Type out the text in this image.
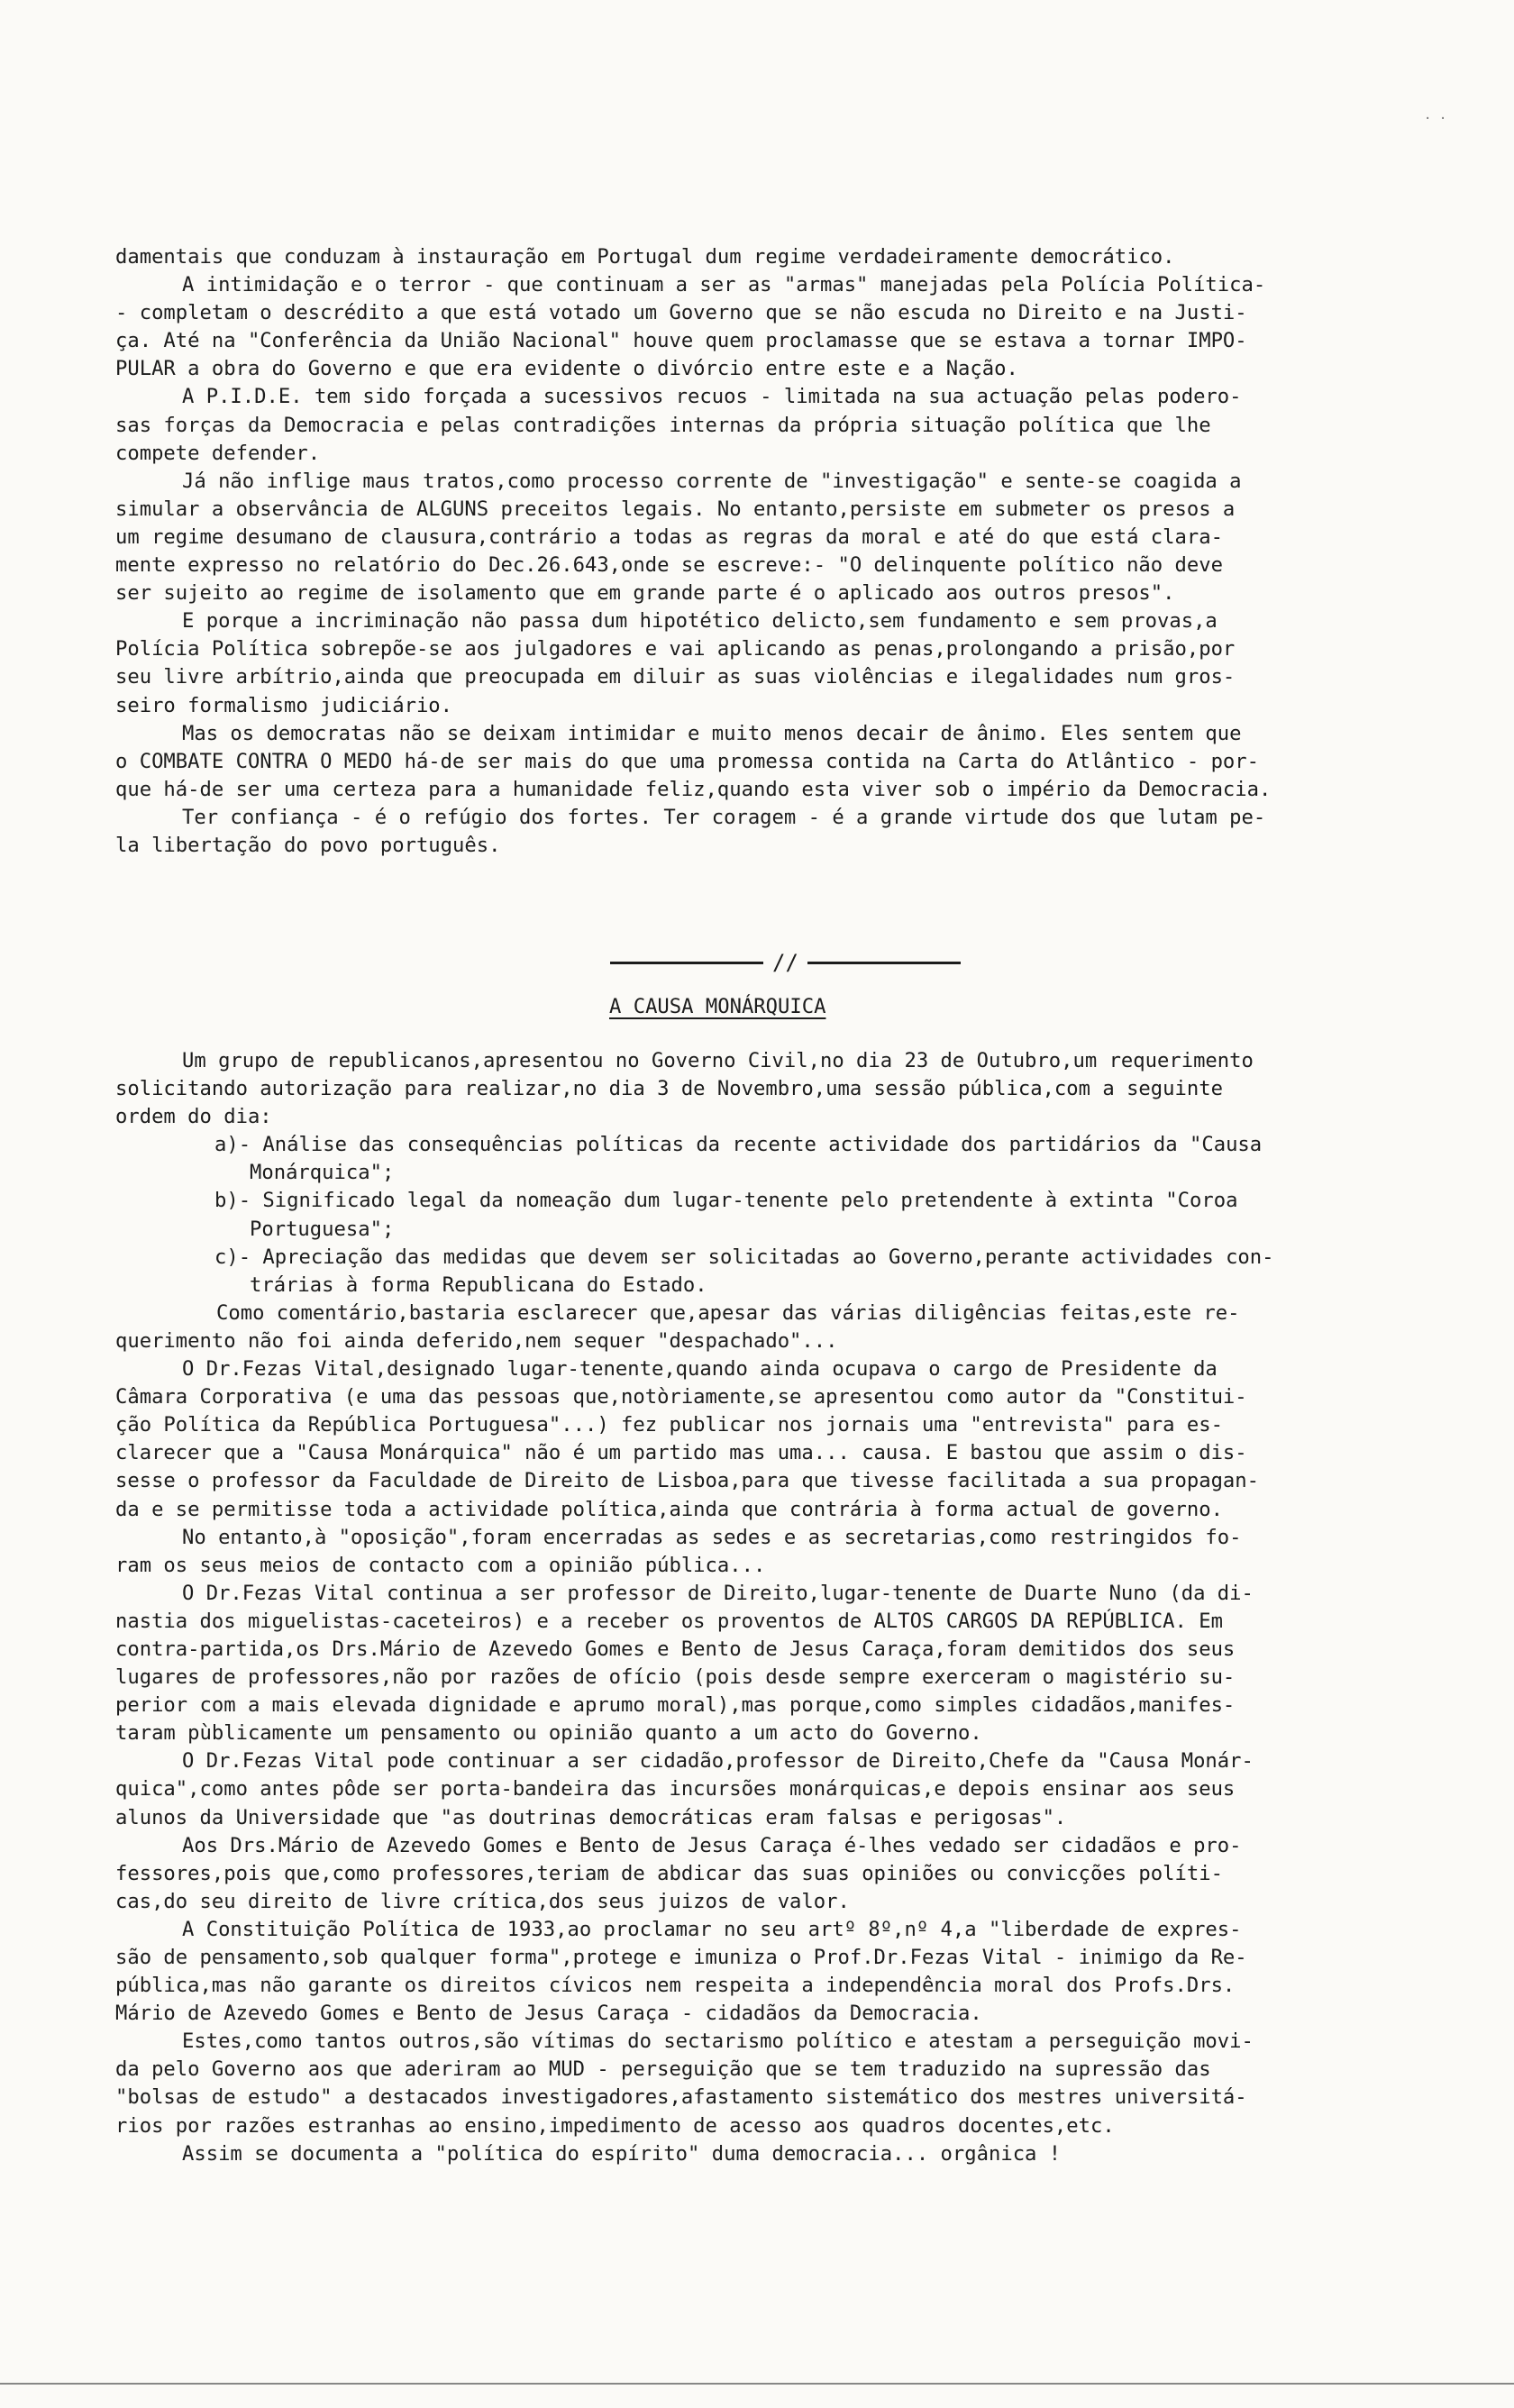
· ·
damentais que conduzam à instauração em Portugal dum regime verdadeiramente democrático.
A intimidação e o terror - que continuam a ser as "armas" manejadas pela Polícia Política-
- completam o descrédito a que está votado um Governo que se não escuda no Direito e na Justi-
ça. Até na "Conferência da União Nacional" houve quem proclamasse que se estava a tornar IMPO-
PULAR a obra do Governo e que era evidente o divórcio entre este e a Nação.
A P.I.D.E. tem sido forçada a sucessivos recuos - limitada na sua actuação pelas podero-
sas forças da Democracia e pelas contradições internas da própria situação política que lhe
compete defender.
Já não inflige maus tratos,como processo corrente de "investigação" e sente-se coagida a
simular a observância de ALGUNS preceitos legais. No entanto,persiste em submeter os presos a
um regime desumano de clausura,contrário a todas as regras da moral e até do que está clara-
mente expresso no relatório do Dec.26.643,onde se escreve:- "O delinquente político não deve
ser sujeito ao regime de isolamento que em grande parte é o aplicado aos outros presos".
E porque a incriminação não passa dum hipotético delicto,sem fundamento e sem provas,a
Polícia Política sobrepõe-se aos julgadores e vai aplicando as penas,prolongando a prisão,por
seu livre arbítrio,ainda que preocupada em diluir as suas violências e ilegalidades num gros-
seiro formalismo judiciário.
Mas os democratas não se deixam intimidar e muito menos decair de ânimo. Eles sentem que
o COMBATE CONTRA O MEDO há-de ser mais do que uma promessa contida na Carta do Atlântico - por-
que há-de ser uma certeza para a humanidade feliz,quando esta viver sob o império da Democracia.
Ter confiança - é o refúgio dos fortes. Ter coragem - é a grande virtude dos que lutam pe-
la libertação do povo português.
//
A CAUSA MONÁRQUICA
Um grupo de republicanos,apresentou no Governo Civil,no dia 23 de Outubro,um requerimento
solicitando autorização para realizar,no dia 3 de Novembro,uma sessão pública,com a seguinte
ordem do dia:
a)- Análise das consequências políticas da recente actividade dos partidários da "Causa
Monárquica";
b)- Significado legal da nomeação dum lugar-tenente pelo pretendente à extinta "Coroa
Portuguesa";
c)- Apreciação das medidas que devem ser solicitadas ao Governo,perante actividades con-
trárias à forma Republicana do Estado.
Como comentário,bastaria esclarecer que,apesar das várias diligências feitas,este re-
querimento não foi ainda deferido,nem sequer "despachado"...
O Dr.Fezas Vital,designado lugar-tenente,quando ainda ocupava o cargo de Presidente da
Câmara Corporativa (e uma das pessoas que,notòriamente,se apresentou como autor da "Constitui-
ção Política da República Portuguesa"...) fez publicar nos jornais uma "entrevista" para es-
clarecer que a "Causa Monárquica" não é um partido mas uma... causa. E bastou que assim o dis-
sesse o professor da Faculdade de Direito de Lisboa,para que tivesse facilitada a sua propagan-
da e se permitisse toda a actividade política,ainda que contrária à forma actual de governo.
No entanto,à "oposição",foram encerradas as sedes e as secretarias,como restringidos fo-
ram os seus meios de contacto com a opinião pública...
O Dr.Fezas Vital continua a ser professor de Direito,lugar-tenente de Duarte Nuno (da di-
nastia dos miguelistas-caceteiros) e a receber os proventos de ALTOS CARGOS DA REPÚBLICA. Em
contra-partida,os Drs.Mário de Azevedo Gomes e Bento de Jesus Caraça,foram demitidos dos seus
lugares de professores,não por razões de ofício (pois desde sempre exerceram o magistério su-
perior com a mais elevada dignidade e aprumo moral),mas porque,como simples cidadãos,manifes-
taram pùblicamente um pensamento ou opinião quanto a um acto do Governo.
O Dr.Fezas Vital pode continuar a ser cidadão,professor de Direito,Chefe da "Causa Monár-
quica",como antes pôde ser porta-bandeira das incursões monárquicas,e depois ensinar aos seus
alunos da Universidade que "as doutrinas democráticas eram falsas e perigosas".
Aos Drs.Mário de Azevedo Gomes e Bento de Jesus Caraça é-lhes vedado ser cidadãos e pro-
fessores,pois que,como professores,teriam de abdicar das suas opiniões ou convicções políti-
cas,do seu direito de livre crítica,dos seus juizos de valor.
A Constituição Política de 1933,ao proclamar no seu artº 8º,nº 4,a "liberdade de expres-
são de pensamento,sob qualquer forma",protege e imuniza o Prof.Dr.Fezas Vital - inimigo da Re-
pública,mas não garante os direitos cívicos nem respeita a independência moral dos Profs.Drs.
Mário de Azevedo Gomes e Bento de Jesus Caraça - cidadãos da Democracia.
Estes,como tantos outros,são vítimas do sectarismo político e atestam a perseguição movi-
da pelo Governo aos que aderiram ao MUD - perseguição que se tem traduzido na supressão das
"bolsas de estudo" a destacados investigadores,afastamento sistemático dos mestres universitá-
rios por razões estranhas ao ensino,impedimento de acesso aos quadros docentes,etc.
Assim se documenta a "política do espírito" duma democracia... orgânica !
